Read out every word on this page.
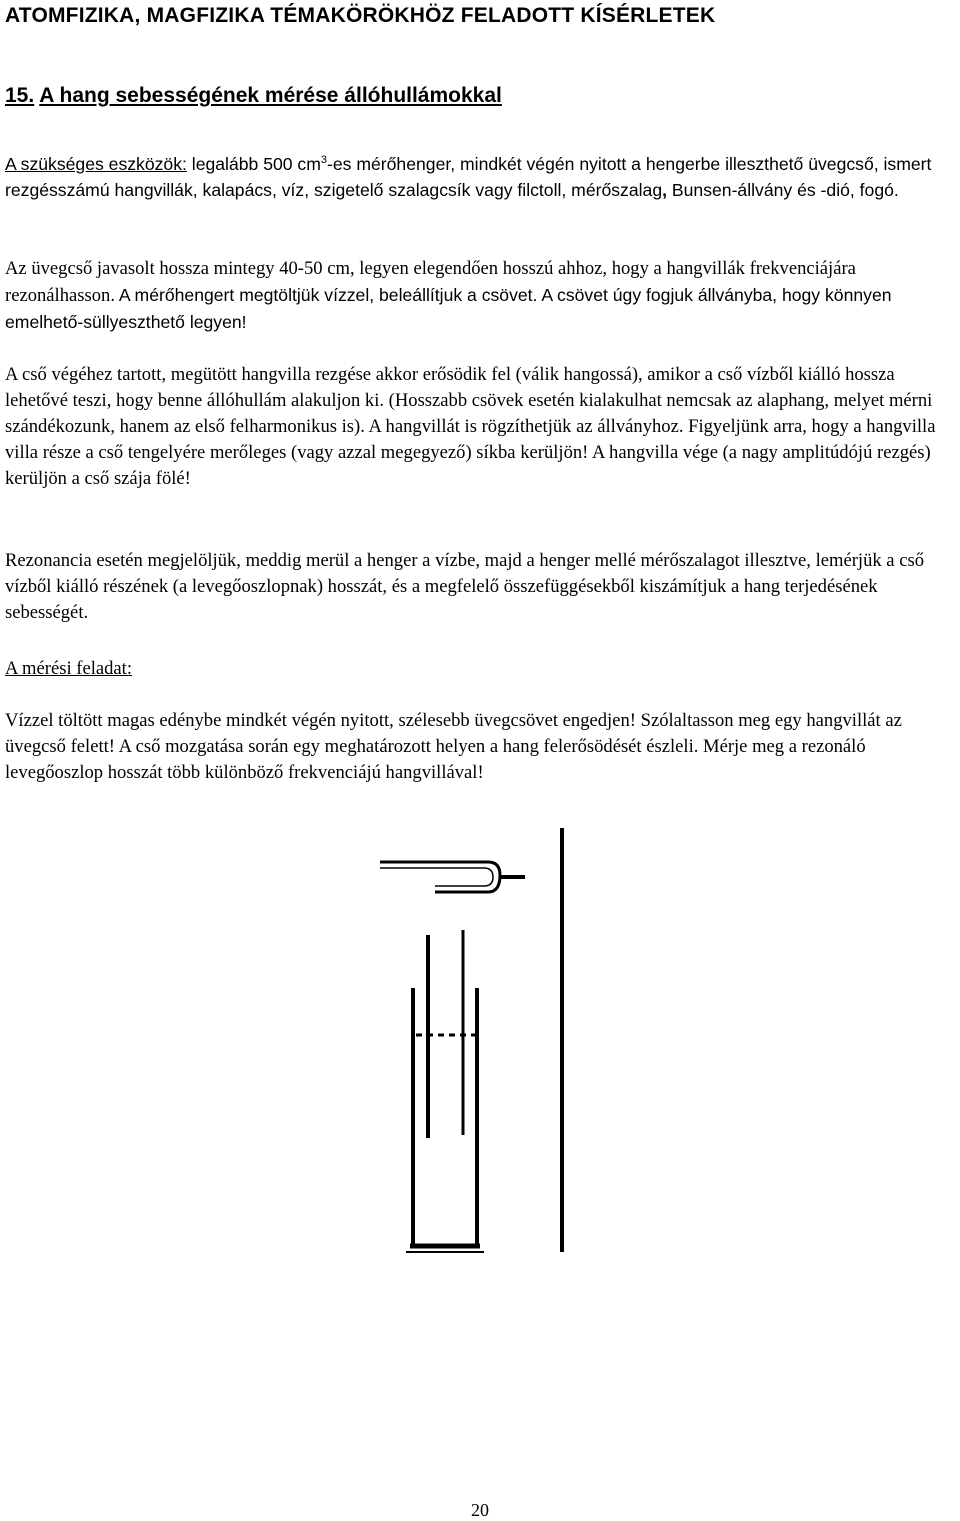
ATOMFIZIKA, MAGFIZIKA TÉMAKÖRÖKHÖZ FELADOTT KÍSÉRLETEK
15. A hang sebességének mérése állóhullámokkal

A szükséges eszközök: legalább 500 $cm^3-es$ mérőhenger, mindkét végén nyitott a hengerbe illeszthető üvegcső, ismert rezgésszámú hangvillák, kalapács, víz, szigetelő szalagcsík vagy filctoll, mérőszalag, Bunsen-állvány és -dió, fogó.

Az üvegcső javasolt hossza mintegy 40-50 cm, legyen elegendően hosszú ahhoz, hogy a hangvillák frekvenciájára rezonálhasson. A mérőhengert megtöltjük vízzel, beleállítjuk a csövet. A csövet úgy fogjuk állványba, hogy könnyen emelhető-süllyeszthető legyen!

A cső végéhez tartott, megütött hangvilla rezgése akkor erősödik fel (válik hangossá), amikor a cső vízből kiálló hossza lehetővé teszi, hogy benne állóhullám alakuljon ki. (Hosszabb csövek esetén kialakulhat nemcsak az alaphang, melyet mérni szándékozunk, hanem az első felharmonikus is). A hangvillát is rögzíthetjük az állványhoz. Figyeljünk arra, hogy a hangvilla villa része a cső tengelyére merőleges (vagy azzal megegyező) síkba kerüljön! A hangvilla vége (a nagy amplitúdójú rezgés) kerüljön a cső szája fölé!

Rezonancia esetén megjelöljük, meddig merül a henger a vízbe, majd a henger mellé mérőszalagot illesztve, lemérjük a cső vízből kiálló részének (a levegőoszlopnak) hosszát, és a megfelelő összefüggésekből kiszámítjuk a hang terjedésének sebességét.

A mérési feladat:

Vízzel töltött magas edénybe mindkét végén nyitott, szélesebb üvegcsövet engedjen! Szólaltasson meg egy hangvillát az üvegcső felett! A cső mozgatása során egy meghatározott helyen a hang felerősödését észleli. Mérje meg a rezonáló levegőoszlop hosszát több különböző frekvenciájú hangvillával!

20
